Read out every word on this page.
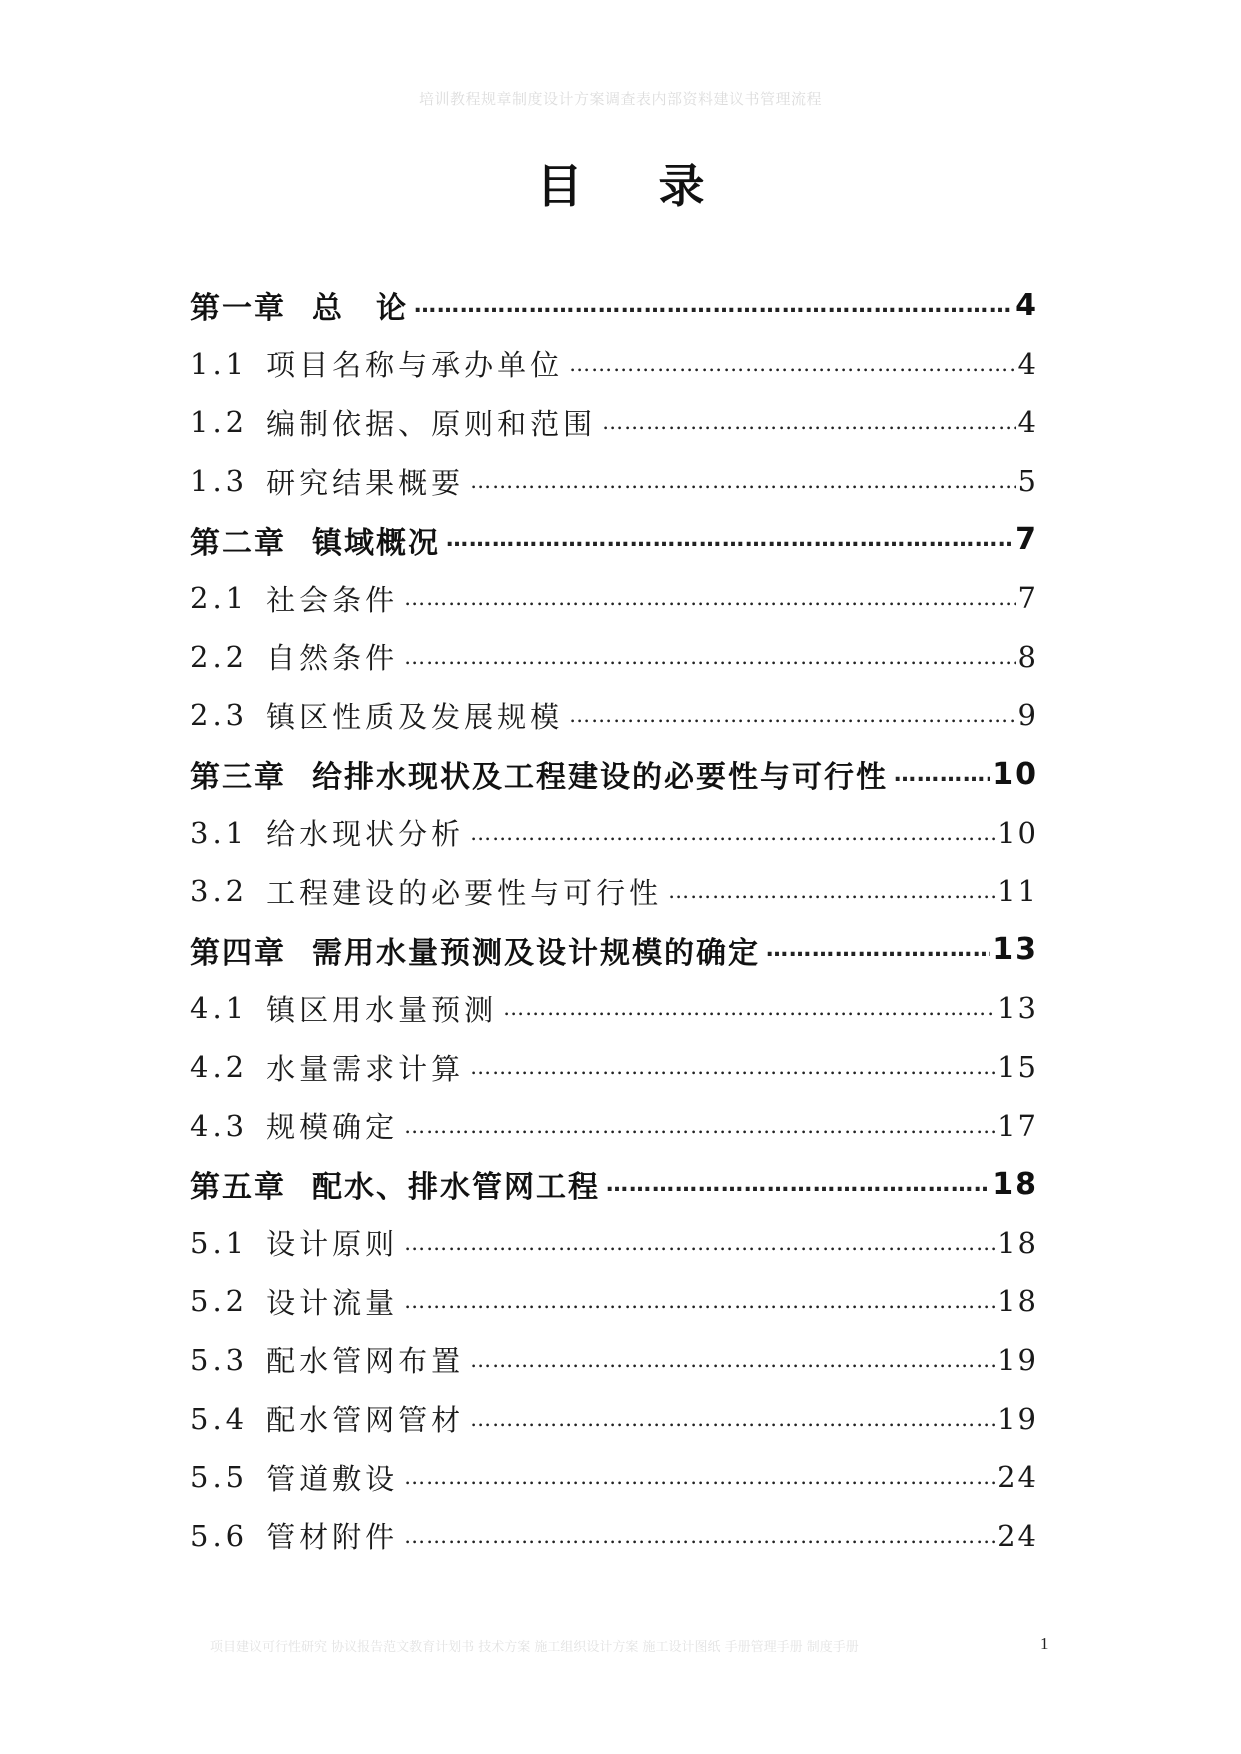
培训教程规章制度设计方案调查表内部资料建议书管理流程
目 录
第一章 总　论 …………………………………………………………………………………………………………………………………………………………………………………………	4
1.1 项目名称与承办单位 …………………………………………………………………………………………………………………………………………………………………………………………	4
1.2 编制依据、原则和范围 …………………………………………………………………………………………………………………………………………………………………………………………	4
1.3 研究结果概要 …………………………………………………………………………………………………………………………………………………………………………………………	5
第二章 镇域概况 …………………………………………………………………………………………………………………………………………………………………………………………	7
2.1 社会条件 …………………………………………………………………………………………………………………………………………………………………………………………	7
2.2 自然条件 …………………………………………………………………………………………………………………………………………………………………………………………	8
2.3 镇区性质及发展规模 …………………………………………………………………………………………………………………………………………………………………………………………	9
第三章 给排水现状及工程建设的必要性与可行性 …………………………………………………………………………………………………………………………………………………………………………………………	10
3.1 给水现状分析 …………………………………………………………………………………………………………………………………………………………………………………………	10
3.2 工程建设的必要性与可行性 …………………………………………………………………………………………………………………………………………………………………………………………	11
第四章 需用水量预测及设计规模的确定 …………………………………………………………………………………………………………………………………………………………………………………………	13
4.1 镇区用水量预测 …………………………………………………………………………………………………………………………………………………………………………………………	13
4.2 水量需求计算 …………………………………………………………………………………………………………………………………………………………………………………………	15
4.3 规模确定 …………………………………………………………………………………………………………………………………………………………………………………………	17
第五章 配水、排水管网工程 …………………………………………………………………………………………………………………………………………………………………………………………	18
5.1 设计原则 …………………………………………………………………………………………………………………………………………………………………………………………	18
5.2 设计流量 …………………………………………………………………………………………………………………………………………………………………………………………	18
5.3 配水管网布置 …………………………………………………………………………………………………………………………………………………………………………………………	19
5.4 配水管网管材 …………………………………………………………………………………………………………………………………………………………………………………………	19
5.5 管道敷设 …………………………………………………………………………………………………………………………………………………………………………………………	24
5.6 管材附件 …………………………………………………………………………………………………………………………………………………………………………………………	24
项目建议可行性研究 协议报告范文教育计划书 技术方案 施工组织设计方案 施工设计图纸 手册管理手册 制度手册	1
